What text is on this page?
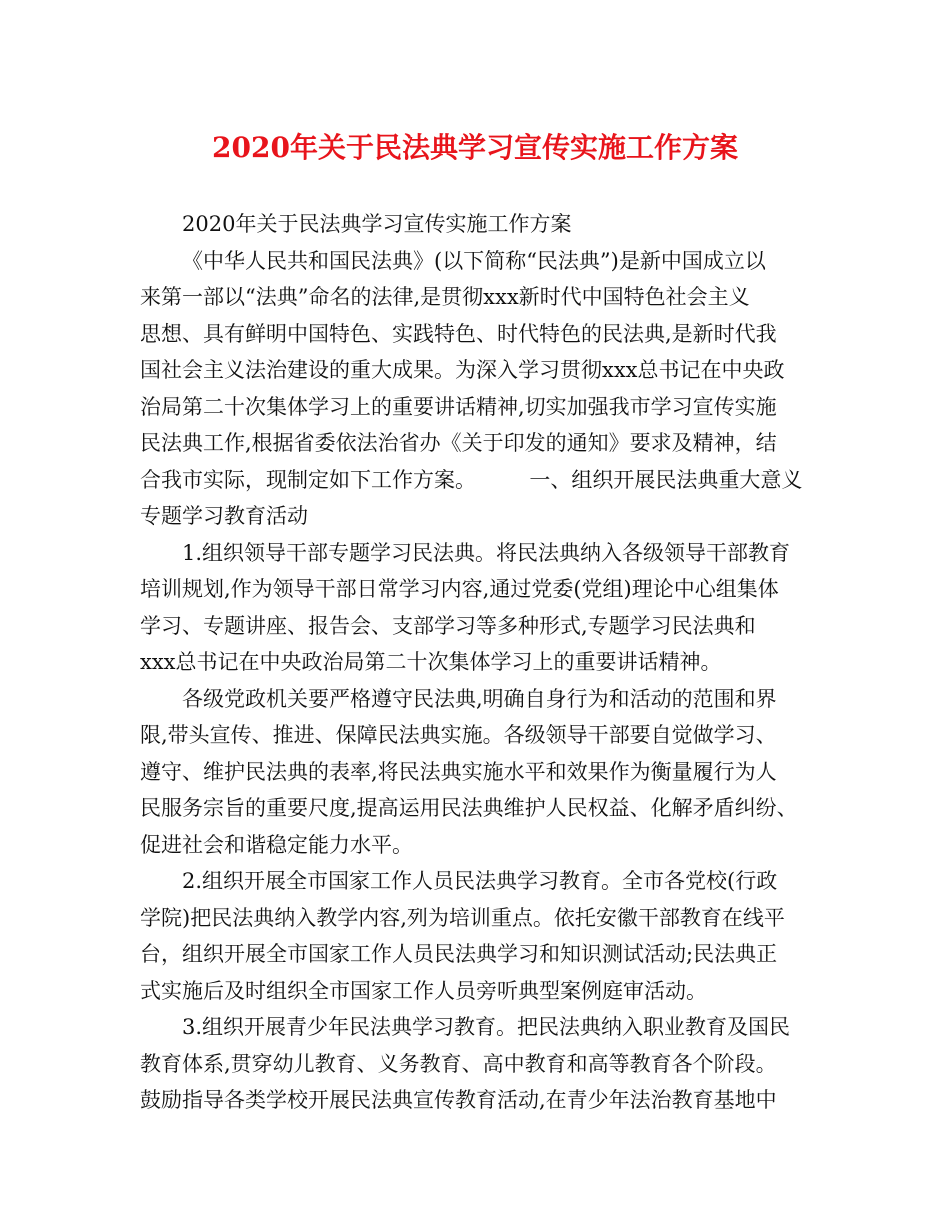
2020年关于民法典学习宣传实施工作方案
2020年关于民法典学习宣传实施工作方案
《中华人民共和国民法典》(以下简称“民法典”)是新中国成立以
来第一部以“法典”命名的法律,是贯彻xxx新时代中国特色社会主义
思想、具有鲜明中国特色、实践特色、时代特色的民法典,是新时代我
国社会主义法治建设的重大成果。为深入学习贯彻xxx总书记在中央政
治局第二十次集体学习上的重要讲话精神,切实加强我市学习宣传实施
民法典工作,根据省委依法治省办《关于印发的通知》要求及精神，结
合我市实际，现制定如下工作方案。        一、组织开展民法典重大意义
专题学习教育活动
1.组织领导干部专题学习民法典。将民法典纳入各级领导干部教育
培训规划,作为领导干部日常学习内容,通过党委(党组)理论中心组集体
学习、专题讲座、报告会、支部学习等多种形式,专题学习民法典和
xxx总书记在中央政治局第二十次集体学习上的重要讲话精神。
各级党政机关要严格遵守民法典,明确自身行为和活动的范围和界
限,带头宣传、推进、保障民法典实施。各级领导干部要自觉做学习、
遵守、维护民法典的表率,将民法典实施水平和效果作为衡量履行为人
民服务宗旨的重要尺度,提高运用民法典维护人民权益、化解矛盾纠纷、
促进社会和谐稳定能力水平。
2.组织开展全市国家工作人员民法典学习教育。全市各党校(行政
学院)把民法典纳入教学内容,列为培训重点。依托安徽干部教育在线平
台，组织开展全市国家工作人员民法典学习和知识测试活动;民法典正
式实施后及时组织全市国家工作人员旁听典型案例庭审活动。
3.组织开展青少年民法典学习教育。把民法典纳入职业教育及国民
教育体系,贯穿幼儿教育、义务教育、高中教育和高等教育各个阶段。
鼓励指导各类学校开展民法典宣传教育活动,在青少年法治教育基地中
